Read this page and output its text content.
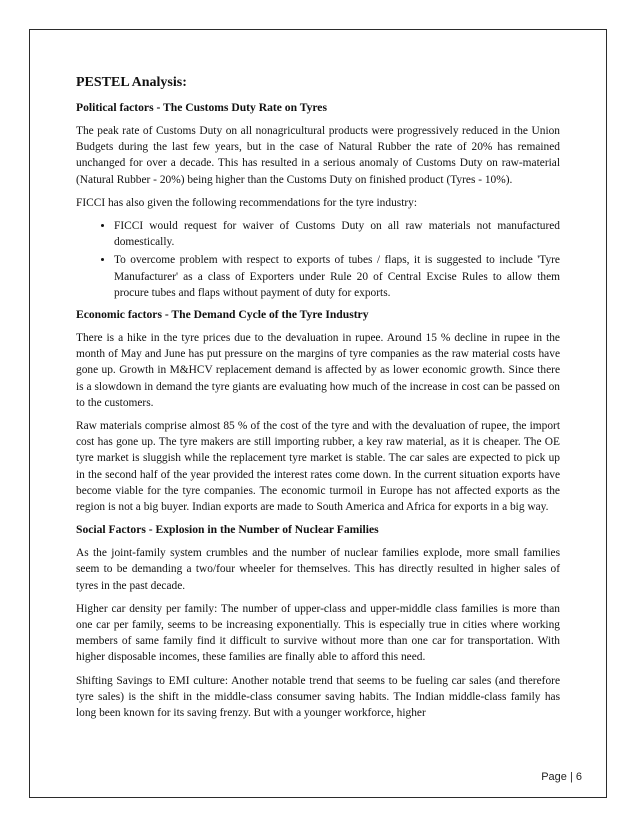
PESTEL Analysis:
Political factors - The Customs Duty Rate on Tyres

The peak rate of Customs Duty on all nonagricultural products were progressively reduced in the Union Budgets during the last few years, but in the case of Natural Rubber the rate of 20% has remained unchanged for over a decade. This has resulted in a serious anomaly of Customs Duty on raw-material (Natural Rubber - 20%) being higher than the Customs Duty on finished product (Tyres - 10%).

FICCI has also given the following recommendations for the tyre industry:

• FICCI would request for waiver of Customs Duty on all raw materials not manufactured domestically.
• To overcome problem with respect to exports of tubes / flaps, it is suggested to include 'Tyre Manufacturer' as a class of Exporters under Rule 20 of Central Excise Rules to allow them procure tubes and flaps without payment of duty for exports.
Economic factors - The Demand Cycle of the Tyre Industry

There is a hike in the tyre prices due to the devaluation in rupee. Around 15 % decline in rupee in the month of May and June has put pressure on the margins of tyre companies as the raw material costs have gone up. Growth in M&HCV replacement demand is affected by as lower economic growth. Since there is a slowdown in demand the tyre giants are evaluating how much of the increase in cost can be passed on to the customers.

Raw materials comprise almost 85 % of the cost of the tyre and with the devaluation of rupee, the import cost has gone up. The tyre makers are still importing rubber, a key raw material, as it is cheaper. The OE tyre market is sluggish while the replacement tyre market is stable. The car sales are expected to pick up in the second half of the year provided the interest rates come down. In the current situation exports have become viable for the tyre companies. The economic turmoil in Europe has not affected exports as the region is not a big buyer. Indian exports are made to South America and Africa for exports in a big way.

Social Factors - Explosion in the Number of Nuclear Families

As the joint-family system crumbles and the number of nuclear families explode, more small families seem to be demanding a two/four wheeler for themselves. This has directly resulted in higher sales of tyres in the past decade.

Higher car density per family: The number of upper-class and upper-middle class families is more than one car per family, seems to be increasing exponentially. This is especially true in cities where working members of same family find it difficult to survive without more than one car for transportation. With higher disposable incomes, these families are finally able to afford this need.

Shifting Savings to EMI culture: Another notable trend that seems to be fueling car sales (and therefore tyre sales) is the shift in the middle-class consumer saving habits. The Indian middle-class family has long been known for its saving frenzy. But with a younger workforce, higher

Page | 6
